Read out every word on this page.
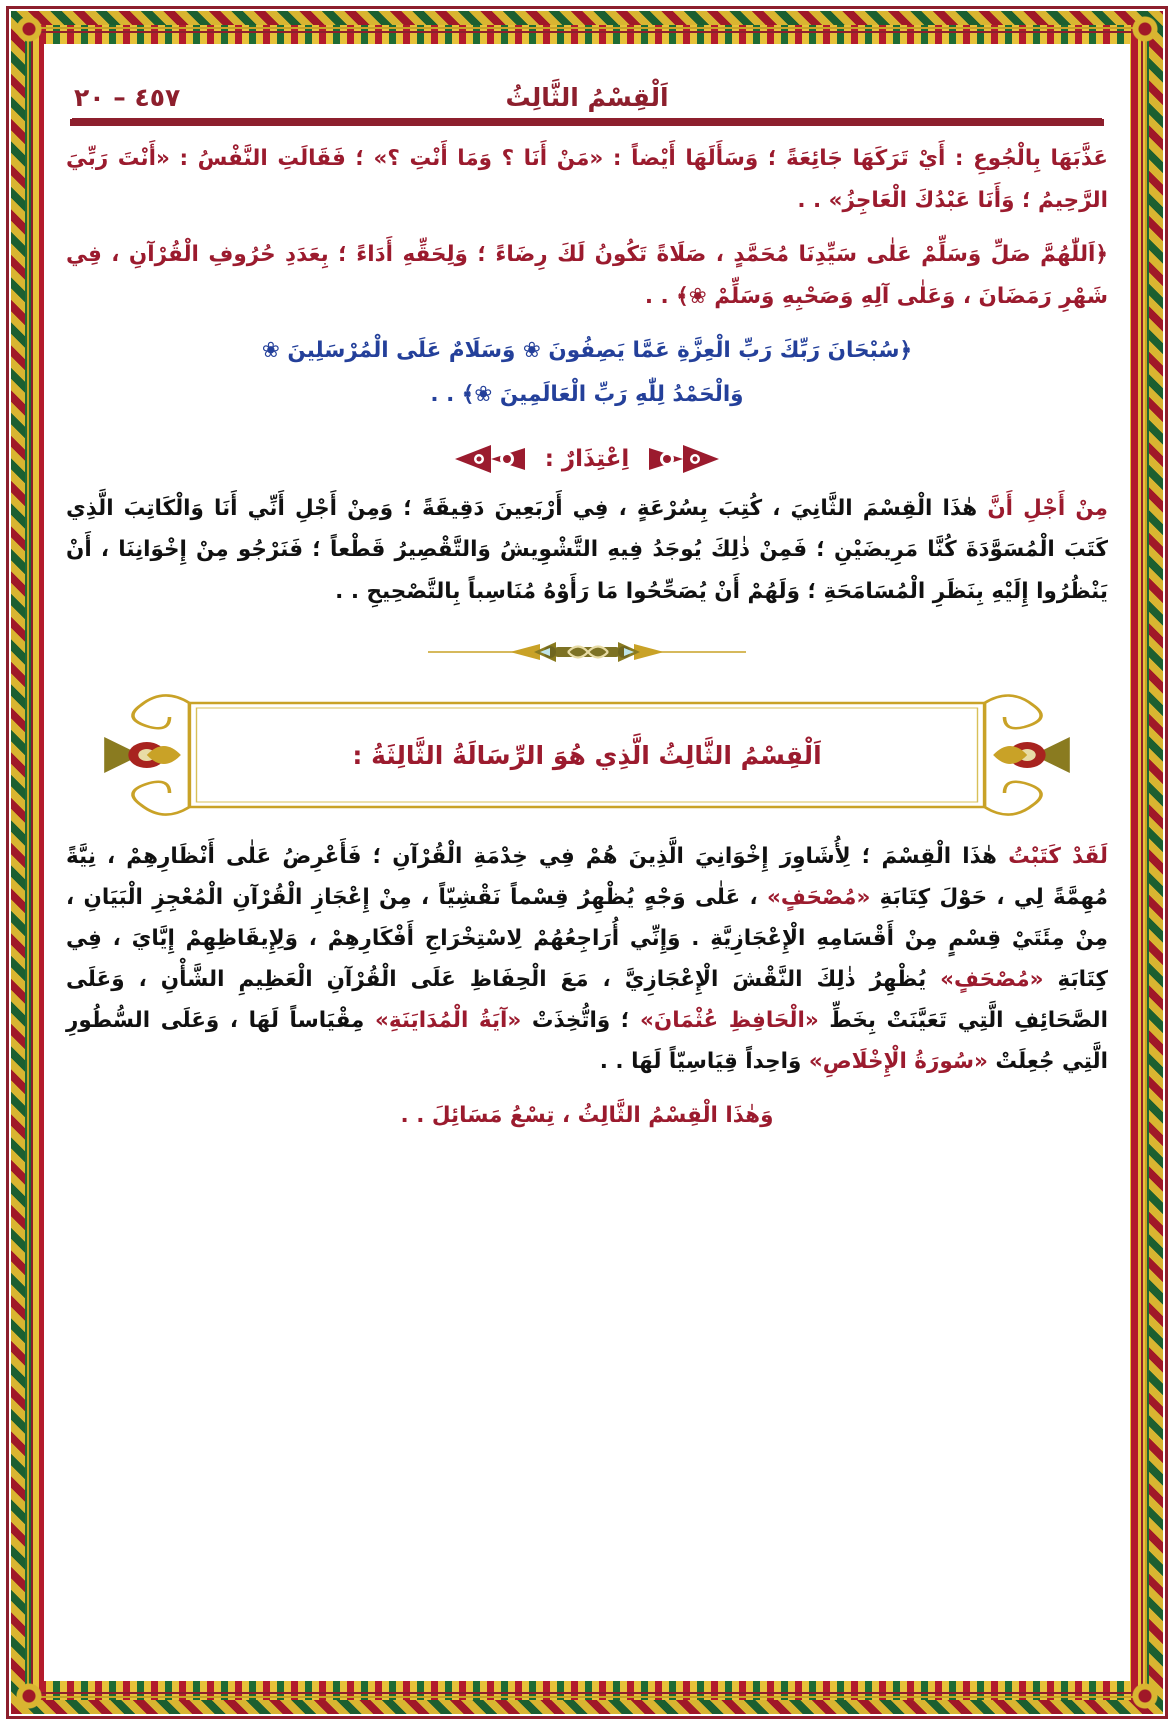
اَلْقِسْمُ الثَّالِثُ
٤٥٧ – ٢٠
عَذَّبَهَا بِالْجُوعِ : أَيْ تَرَكَهَا جَائِعَةً ؛ وَسَأَلَهَا أَيْضاً : «مَنْ أَنَا ؟ وَمَا أَنْتِ ؟» ؛ فَقَالَتِ النَّفْسُ : «أَنْتَ رَبِّيَ الرَّحِيمُ ؛ وَأَنَا عَبْدُكَ الْعَاجِزُ» . .
﴿اَللّٰهُمَّ صَلِّ وَسَلِّمْ عَلٰى سَيِّدِنَا مُحَمَّدٍ ، صَلَاةً تَكُونُ لَكَ رِضَاءً ؛ وَلِحَقِّهِ أَدَاءً ؛ بِعَدَدِ حُرُوفِ الْقُرْآنِ ، فِي شَهْرِ رَمَضَانَ ، وَعَلٰى آلِهِ وَصَحْبِهِ وَسَلِّمْ ❀﴾ . .
﴿سُبْحَانَ رَبِّكَ رَبِّ الْعِزَّةِ عَمَّا يَصِفُونَ ❀ وَسَلَامٌ عَلَى الْمُرْسَلِينَ ❀
وَالْحَمْدُ لِلّٰهِ رَبِّ الْعَالَمِينَ ❀﴾ . .
اِعْتِذَارٌ :
مِنْ أَجْلِ أَنَّ هٰذَا الْقِسْمَ الثَّانِيَ ، كُتِبَ بِسُرْعَةٍ ، فِي أَرْبَعِينَ دَقِيقَةً ؛ وَمِنْ أَجْلِ أَنِّي أَنَا وَالْكَاتِبَ الَّذِي كَتَبَ الْمُسَوَّدَةَ كُنَّا مَرِيضَيْنِ ؛ فَمِنْ ذٰلِكَ يُوجَدُ فِيهِ التَّشْوِيشُ وَالتَّقْصِيرُ قَطْعاً ؛ فَنَرْجُو مِنْ إِخْوَانِنَا ، أَنْ يَنْظُرُوا إِلَيْهِ بِنَظَرِ الْمُسَامَحَةِ ؛ وَلَهُمْ أَنْ يُصَحِّحُوا مَا رَأَوْهُ مُنَاسِباً بِالتَّصْحِيحِ . .
اَلْقِسْمُ الثَّالِثُ الَّذِي هُوَ الرِّسَالَةُ الثَّالِثَةُ :
لَقَدْ كَتَبْتُ هٰذَا الْقِسْمَ ؛ لِأُشَاوِرَ إِخْوَانِيَ الَّذِينَ هُمْ فِي خِدْمَةِ الْقُرْآنِ ؛ فَأَعْرِضُ عَلٰى أَنْظَارِهِمْ ، نِيَّةً مُهِمَّةً لِي ، حَوْلَ كِتَابَةِ «مُصْحَفٍ» ، عَلٰى وَجْهٍ يُظْهِرُ قِسْماً نَقْشِيّاً ، مِنْ إِعْجَازِ الْقُرْآنِ الْمُعْجِزِ الْبَيَانِ ، مِنْ مِئَتَيْ قِسْمٍ مِنْ أَقْسَامِهِ الْإِعْجَازِيَّةِ . وَإِنِّي أُرَاجِعُهُمْ لِاسْتِخْرَاجِ أَفْكَارِهِمْ ، وَلِإِيقَاظِهِمْ إِيَّايَ ، فِي كِتَابَةِ «مُصْحَفٍ» يُظْهِرُ ذٰلِكَ النَّقْشَ الْإِعْجَازِيَّ ، مَعَ الْحِفَاظِ عَلَى الْقُرْآنِ الْعَظِيمِ الشَّأْنِ ، وَعَلَى الصَّحَائِفِ الَّتِي تَعَيَّنَتْ بِخَطِّ «الْحَافِظِ عُثْمَانَ» ؛ وَاتُّخِذَتْ «آيَةُ الْمُدَايَنَةِ» مِقْيَاساً لَهَا ، وَعَلَى السُّطُورِ الَّتِي جُعِلَتْ «سُورَةُ الْإِخْلَاصِ» وَاحِداً قِيَاسِيّاً لَهَا . .
وَهٰذَا الْقِسْمُ الثَّالِثُ ، تِسْعُ مَسَائِلَ . .
